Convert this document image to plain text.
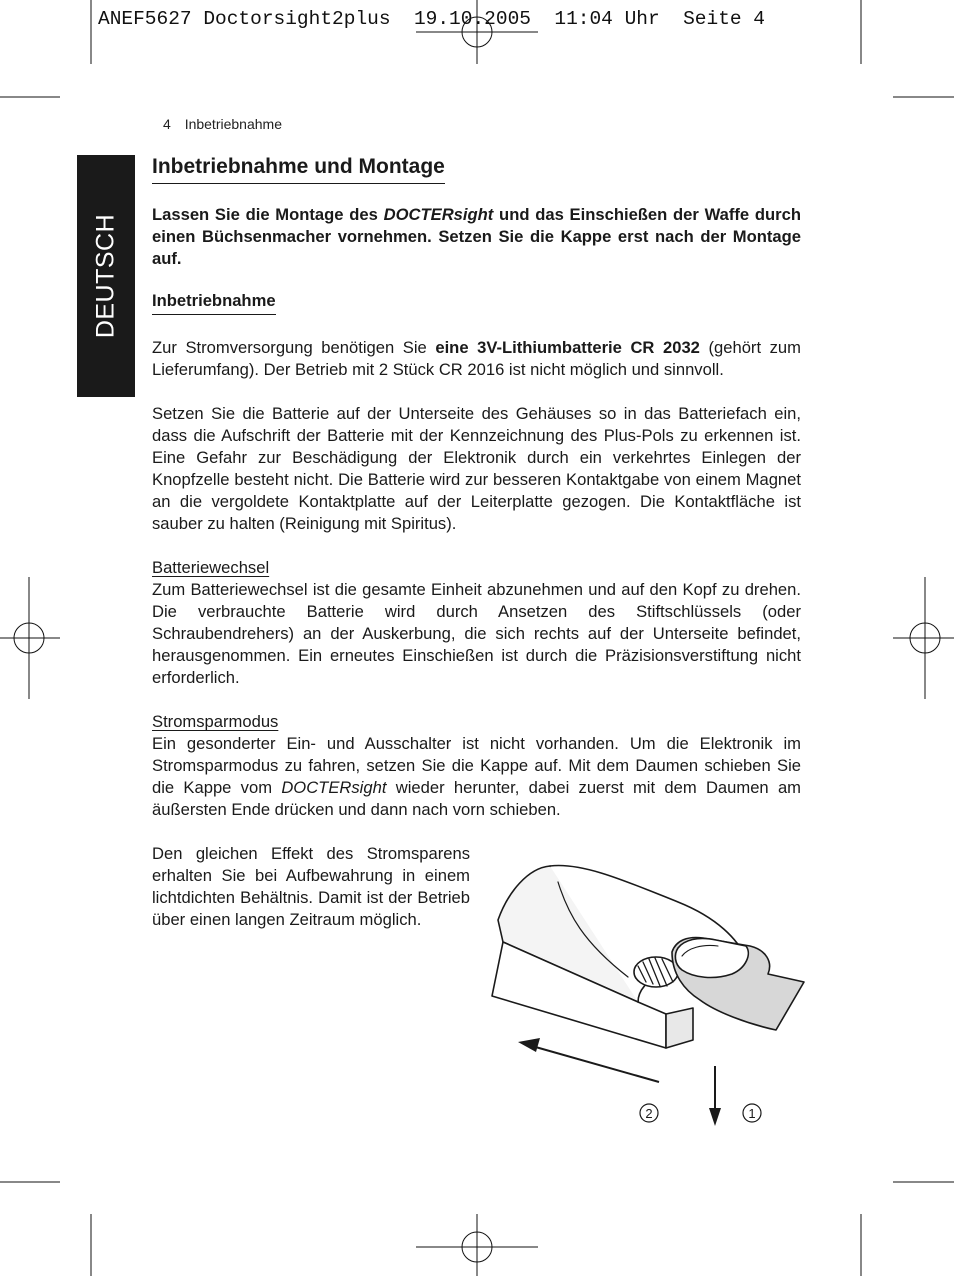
ANEF5627 Doctorsight2plus  19.10.2005  11:04 Uhr  Seite 4
4 Inbetriebnahme
DEUTSCH
Inbetriebnahme und Montage

Lassen Sie die Montage des DOCTERsight und das Einschießen der Waffe durch einen Büchsenmacher vornehmen. Setzen Sie die Kappe erst nach der Montage auf.

Inbetriebnahme

Zur Stromversorgung benötigen Sie eine 3V-Lithiumbatterie CR 2032 (gehört zum Lieferumfang). Der Betrieb mit 2 Stück CR 2016 ist nicht möglich und sinnvoll.

Setzen Sie die Batterie auf der Unterseite des Gehäuses so in das Batteriefach ein, dass die Aufschrift der Batterie mit der Kennzeichnung des Plus-Pols zu erkennen ist. Eine Gefahr zur Beschädigung der Elektronik durch ein verkehrtes Einlegen der Knopfzelle besteht nicht. Die Batterie wird zur besseren Kontaktgabe von einem Magnet an die vergoldete Kontaktplatte auf der Leiterplatte gezogen. Die Kontaktfläche ist sauber zu halten (Reinigung mit Spiritus).

Batteriewechsel

Zum Batteriewechsel ist die gesamte Einheit abzunehmen und auf den Kopf zu drehen. Die verbrauchte Batterie wird durch Ansetzen des Stiftschlüssels (oder Schraubendrehers) an der Auskerbung, die sich rechts auf der Unterseite befindet, herausgenommen. Ein erneutes Einschießen ist durch die Präzisionsverstiftung nicht erforderlich.

Stromsparmodus

Ein gesonderter Ein- und Ausschalter ist nicht vorhanden. Um die Elektronik im Stromsparmodus zu fahren, setzen Sie die Kappe auf. Mit dem Daumen schieben Sie die Kappe vom DOCTERsight wieder herunter, dabei zuerst mit dem Daumen am äußersten Ende drücken und dann nach vorn schieben.

Den gleichen Effekt des Stromsparens erhalten Sie bei Aufbewahrung in einem lichtdichten Behältnis. Damit ist der Betrieb über einen langen Zeitraum möglich.

2	1
